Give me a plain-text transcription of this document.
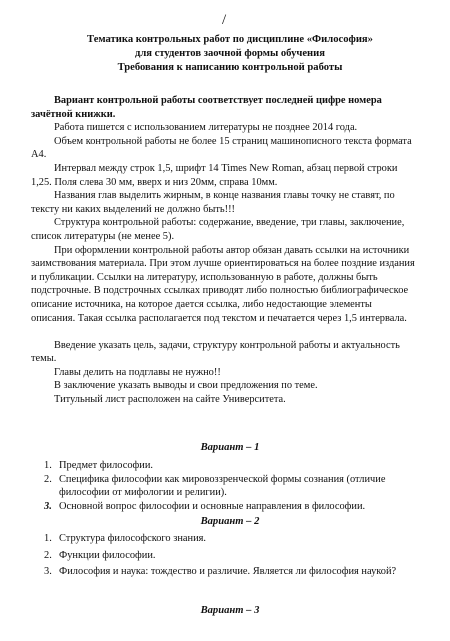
/
Тематика контрольных работ по дисциплине «Философия»
для студентов заочной формы обучения
Требования к написанию контрольной работы

Вариант контрольной работы соответствует последней цифре номера зачётной книжки.

Работа пишется с использованием литературы не позднее 2014 года.

Объем контрольной работы не более 15 страниц машинописного текста формата А4.

Интервал между строк 1,5, шрифт 14 Times New Roman, абзац первой строки 1,25. Поля слева 30 мм, вверх и низ 20мм, справа 10мм.

Названия глав выделить жирным, в конце названия главы точку не ставят, по тексту ни каких выделений не должно быть!!!

Структура контрольной работы: содержание, введение, три главы, заключение, список литературы (не менее 5).

При оформлении контрольной работы автор обязан давать ссылки на источники заимствования материала. При этом лучше ориентироваться на более поздние издания и публикации. Ссылки на литературу, использованную в работе, должны быть подстрочные. В подстрочных ссылках приводят либо полностью библиографическое описание источника, на которое дается ссылка, либо недостающие элементы описания. Такая ссылка располагается под текстом и печатается через 1,5 интервала.

Введение указать цель, задачи, структуру контрольной работы и актуальность темы.

Главы делить на подглавы не нужно!!

В заключение указать выводы и свои предложения по теме.

Титульный лист расположен на сайте Университета.

Вариант – 1
1. Предмет философии.
2. Специфика философии как мировоззренческой формы сознания (отличие философии от мифологии и религии).
3. Основной вопрос философии и основные направления в философии.
Вариант – 2
1. Структура философского знания.
2. Функции философии.
3. Философия и наука: тождество и различие. Является ли философия наукой?
Вариант – 3
